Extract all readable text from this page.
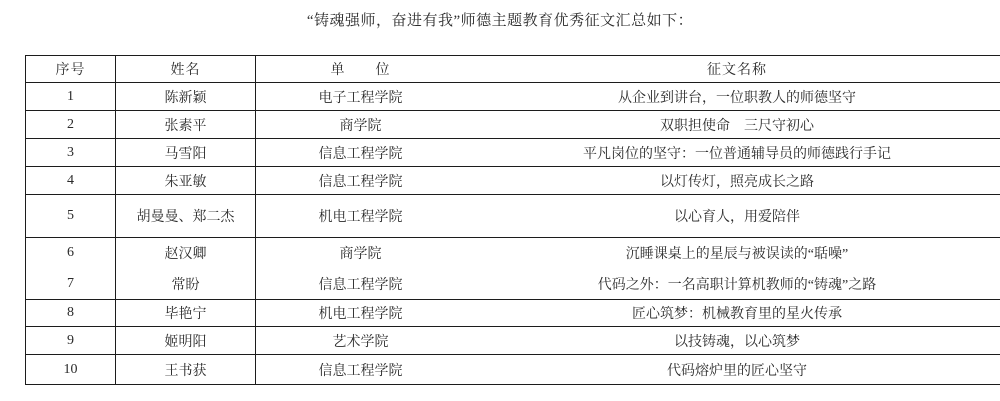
“铸魂强师，奋进有我”师德主题教育优秀征文汇总如下：
序号	姓名	单　　位	征文名称
1	陈新颖	电子工程学院	从企业到讲台，一位职教人的师德坚守
2	张素平	商学院	双职担使命　三尺守初心
3	马雪阳	信息工程学院	平凡岗位的坚守：一位普通辅导员的师德践行手记
4	朱亚敏	信息工程学院	以灯传灯，照亮成长之路
5	胡曼曼、郑二杰	机电工程学院	以心育人，用爱陪伴
6	赵汉卿	商学院	沉睡课桌上的星辰与被误读的“聒噪”
7	常盼	信息工程学院	代码之外：一名高职计算机教师的“铸魂”之路
8	毕艳宁	机电工程学院	匠心筑梦：机械教育里的星火传承
9	姬明阳	艺术学院	以技铸魂，以心筑梦
10	王书获	信息工程学院	代码熔炉里的匠心坚守
